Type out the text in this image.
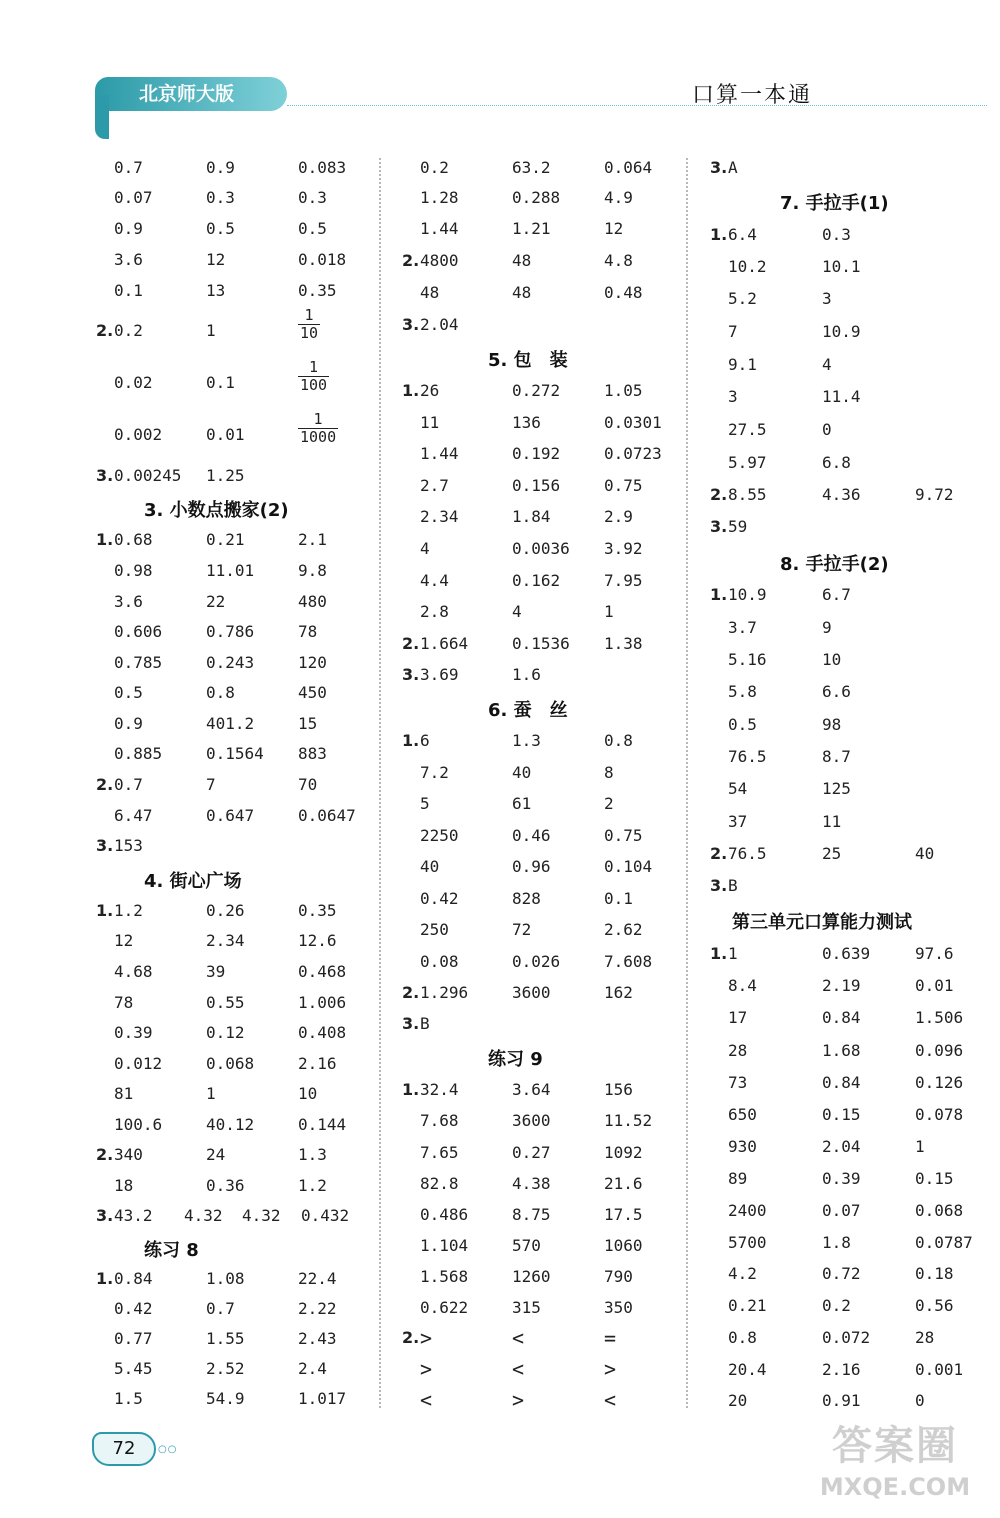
北京师大版	口算一本通
0.7	0.9	0.083
0.07	0.3	0.3
0.9	0.5	0.5
3.6	12	0.018
0.1	13	0.35
2. 0.2	1	$\frac{1}{10}$
0.02	0.1	$\frac{1}{100}$
0.002	0.01	$\frac{1}{1000}$
3. 0.00245 1.25
3. 小数点搬家(2)
1. 0.68	0.21	2.1
0.98	11.01	9.8
3.6	22	480
0.606	0.786	78
0.785	0.243	120
0.5	0.8	450
0.9	401.2	15
0.885	0.1564 883
2. 0.7	7	70
6.47	0.647	0.0647
3. 153
4. 街心广场
1. 1.2	0.26	0.35
12	2.34	12.6
4.68	39	0.468
78	0.55	1.006
0.39	0.12	0.408
0.012	0.068	2.16
81	1	10
100.6	40.12	0.144
2. 340	24	1.3
18	0.36	1.2
3. 43.2 4.32 4.32 0.432
练习 8
1. 0.84	1.08	22.4
0.42	0.7	2.22
0.77	1.55	2.43
5.45	2.52	2.4
1.5	54.9	1.017
0.2	63.2	0.064
1.28	0.288	4.9
1.44	1.21	12
2. 4800	48	4.8
48	48	0.48
3. 2.04
5. 包　装
1. 26	0.272	1.05
11	136	0.0301
1.44	0.192	0.0723
2.7	0.156	0.75
2.34	1.84	2.9
4	0.0036 3.92
4.4	0.162	7.95
2.8	4	1
2. 1.664	0.1536 1.38
3. 3.69	1.6
6. 蚕　丝
1. 6	1.3	0.8
7.2	40	8
5	61	2
2250	0.46	0.75
40	0.96	0.104
0.42	828	0.1
250	72	2.62
0.08	0.026	7.608
2. 1.296	3600	162
3. B
练习 9
1. 32.4	3.64	156
7.68	3600	11.52
7.65	0.27	1092
82.8	4.38	21.6
0.486	8.75	17.5
1.104	570	1060
1.568	1260	790
0.622	315	350
2. >	<	=
>	<	>
<	>	<
3. A
7. 手拉手(1)
1. 6.4	0.3
10.2	10.1
5.2	3
7	10.9
9.1	4
3	11.4
27.5	0
5.97	6.8
2. 8.55	4.36	9.72
3. 59
8. 手拉手(2)
1. 10.9	6.7
3.7	9
5.16	10
5.8	6.6
0.5	98
76.5	8.7
54	125
37	11
2. 76.5	25	40
3. B
第三单元口算能力测试
1. 1	0.639	97.6
8.4	2.19	0.01
17	0.84	1.506
28	1.68	0.096
73	0.84	0.126
650	0.15	0.078
930	2.04	1
89	0.39	0.15
2400	0.07	0.068
5700	1.8	0.0787
4.2	0.72	0.18
0.21	0.2	0.56
0.8	0.072	28
20.4	2.16	0.001
20	0.91	0
72	○○	答案圈
MXQE.COM
